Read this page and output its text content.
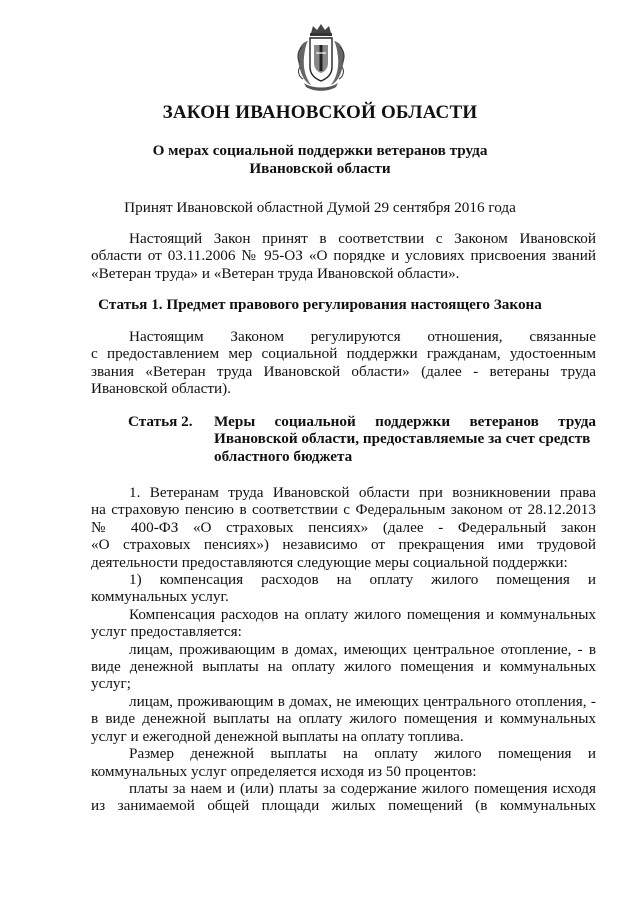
ЗАКОН ИВАНОВСКОЙ ОБЛАСТИ
О мерах социальной поддержки ветеранов труда
Ивановской области
Принят Ивановской областной Думой 29 сентября 2016 года
Настоящий Закон принят в соответствии с Законом Ивановской
области от 03.11.2006 № 95-ОЗ «О порядке и условиях присвоения званий
«Ветеран труда» и «Ветеран труда Ивановской области».
Статья 1. Предмет правового регулирования настоящего Закона
Настоящим Законом регулируются отношения, связанные
с предоставлением мер социальной поддержки гражданам, удостоенным
звания «Ветеран труда Ивановской области» (далее - ветераны труда
Ивановской области).
Статья 2. Меры социальной поддержки ветеранов труда
Ивановской области, предоставляемые за счет средств
областного бюджета
1. Ветеранам труда Ивановской области при возникновении права
на страховую пенсию в соответствии с Федеральным законом от 28.12.2013
№ 400-ФЗ «О страховых пенсиях» (далее - Федеральный закон
«О страховых пенсиях») независимо от прекращения ими трудовой
деятельности предоставляются следующие меры социальной поддержки:
1) компенсация расходов на оплату жилого помещения и
коммунальных услуг.
Компенсация расходов на оплату жилого помещения и коммунальных
услуг предоставляется:
лицам, проживающим в домах, имеющих центральное отопление, - в
виде денежной выплаты на оплату жилого помещения и коммунальных
услуг;
лицам, проживающим в домах, не имеющих центрального отопления, -
в виде денежной выплаты на оплату жилого помещения и коммунальных
услуг и ежегодной денежной выплаты на оплату топлива.
Размер денежной выплаты на оплату жилого помещения и
коммунальных услуг определяется исходя из 50 процентов:
платы за наем и (или) платы за содержание жилого помещения исходя
из занимаемой общей площади жилых помещений (в коммунальных
